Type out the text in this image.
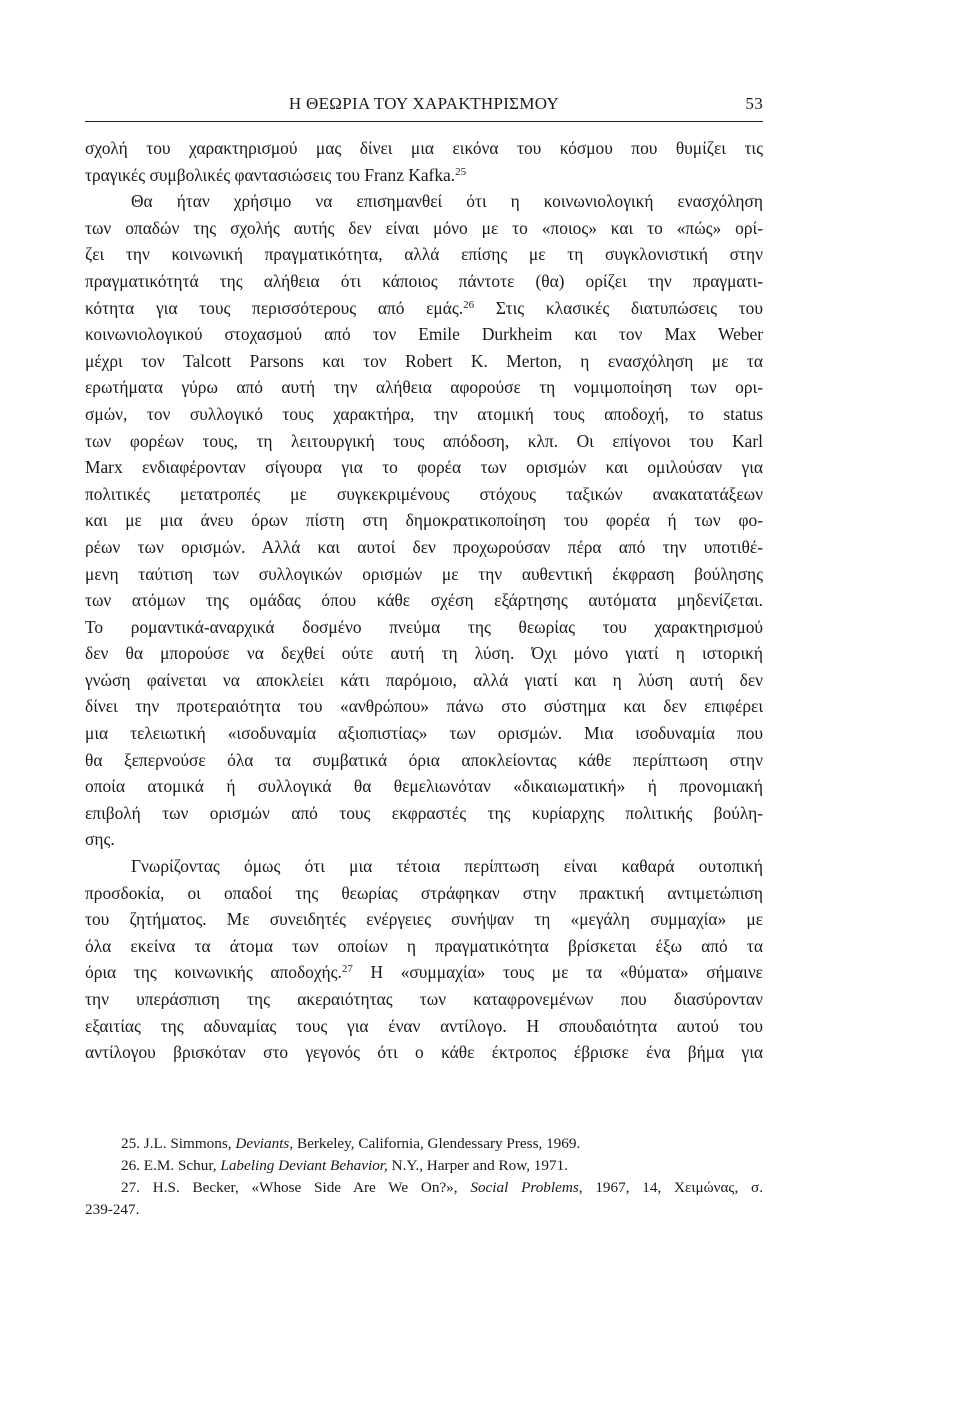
Η ΘΕΩΡΙΑ ΤΟΥ ΧΑΡΑΚΤΗΡΙΣΜΟΥ	53
σχολή του χαρακτηρισμού μας δίνει μια εικόνα του κόσμου που θυμίζει τις
τραγικές συμβολικές φαντασιώσεις του Franz Kafka.$^{25}$
Θα ήταν χρήσιμο να επισημανθεί ότι η κοινωνιολογική ενασχόληση
των οπαδών της σχολής αυτής δεν είναι μόνο με το «ποιος» και το «πώς» ορί-
ζει την κοινωνική πραγματικότητα, αλλά επίσης με τη συγκλονιστική στην
πραγματικότητά της αλήθεια ότι κάποιος πάντοτε (θα) ορίζει την πραγματι-
κότητα για τους περισσότερους από εμάς.$^{26}$ Στις κλασικές διατυπώσεις του
κοινωνιολογικού στοχασμού από τον Emile Durkheim και τον Max Weber
μέχρι τον Talcott Parsons και τον Robert K. Merton, η ενασχόληση με τα
ερωτήματα γύρω από αυτή την αλήθεια αφορούσε τη νομιμοποίηση των ορι-
σμών, τον συλλογικό τους χαρακτήρα, την ατομική τους αποδοχή, το status
των φορέων τους, τη λειτουργική τους απόδοση, κλπ. Οι επίγονοι του Karl
Marx ενδιαφέρονταν σίγουρα για το φορέα των ορισμών και ομιλούσαν για
πολιτικές μετατροπές με συγκεκριμένους στόχους ταξικών ανακατατάξεων
και με μια άνευ όρων πίστη στη δημοκρατικοποίηση του φορέα ή των φο-
ρέων των ορισμών. Αλλά και αυτοί δεν προχωρούσαν πέρα από την υποτιθέ-
μενη ταύτιση των συλλογικών ορισμών με την αυθεντική έκφραση βούλησης
των ατόμων της ομάδας όπου κάθε σχέση εξάρτησης αυτόματα μηδενίζεται.
Το ρομαντικά-αναρχικά δοσμένο πνεύμα της θεωρίας του χαρακτηρισμού
δεν θα μπορούσε να δεχθεί ούτε αυτή τη λύση. Όχι μόνο γιατί η ιστορική
γνώση φαίνεται να αποκλείει κάτι παρόμοιο, αλλά γιατί και η λύση αυτή δεν
δίνει την προτεραιότητα του «ανθρώπου» πάνω στο σύστημα και δεν επιφέρει
μια τελειωτική «ισοδυναμία αξιοπιστίας» των ορισμών. Μια ισοδυναμία που
θα ξεπερνούσε όλα τα συμβατικά όρια αποκλείοντας κάθε περίπτωση στην
οποία ατομικά ή συλλογικά θα θεμελιωνόταν «δικαιωματική» ή προνομιακή
επιβολή των ορισμών από τους εκφραστές της κυρίαρχης πολιτικής βούλη-
σης.
Γνωρίζοντας όμως ότι μια τέτοια περίπτωση είναι καθαρά ουτοπική
προσδοκία, οι οπαδοί της θεωρίας στράφηκαν στην πρακτική αντιμετώπιση
του ζητήματος. Με συνειδητές ενέργειες συνήψαν τη «μεγάλη συμμαχία» με
όλα εκείνα τα άτομα των οποίων η πραγματικότητα βρίσκεται έξω από τα
όρια της κοινωνικής αποδοχής.$^{27}$ Η «συμμαχία» τους με τα «θύματα» σήμαινε
την υπεράσπιση της ακεραιότητας των καταφρονεμένων που διασύρονταν
εξαιτίας της αδυναμίας τους για έναν αντίλογο. Η σπουδαιότητα αυτού του
αντίλογου βρισκόταν στο γεγονός ότι ο κάθε έκτροπος έβρισκε ένα βήμα για
25. J.L. Simmons, Deviants, Berkeley, California, Glendessary Press, 1969.
26. E.M. Schur, Labeling Deviant Behavior, N.Y., Harper and Row, 1971.
27. H.S. Becker, «Whose Side Are We On?», Social Problems, 1967, 14, Χειμώνας, σ.
239-247.
